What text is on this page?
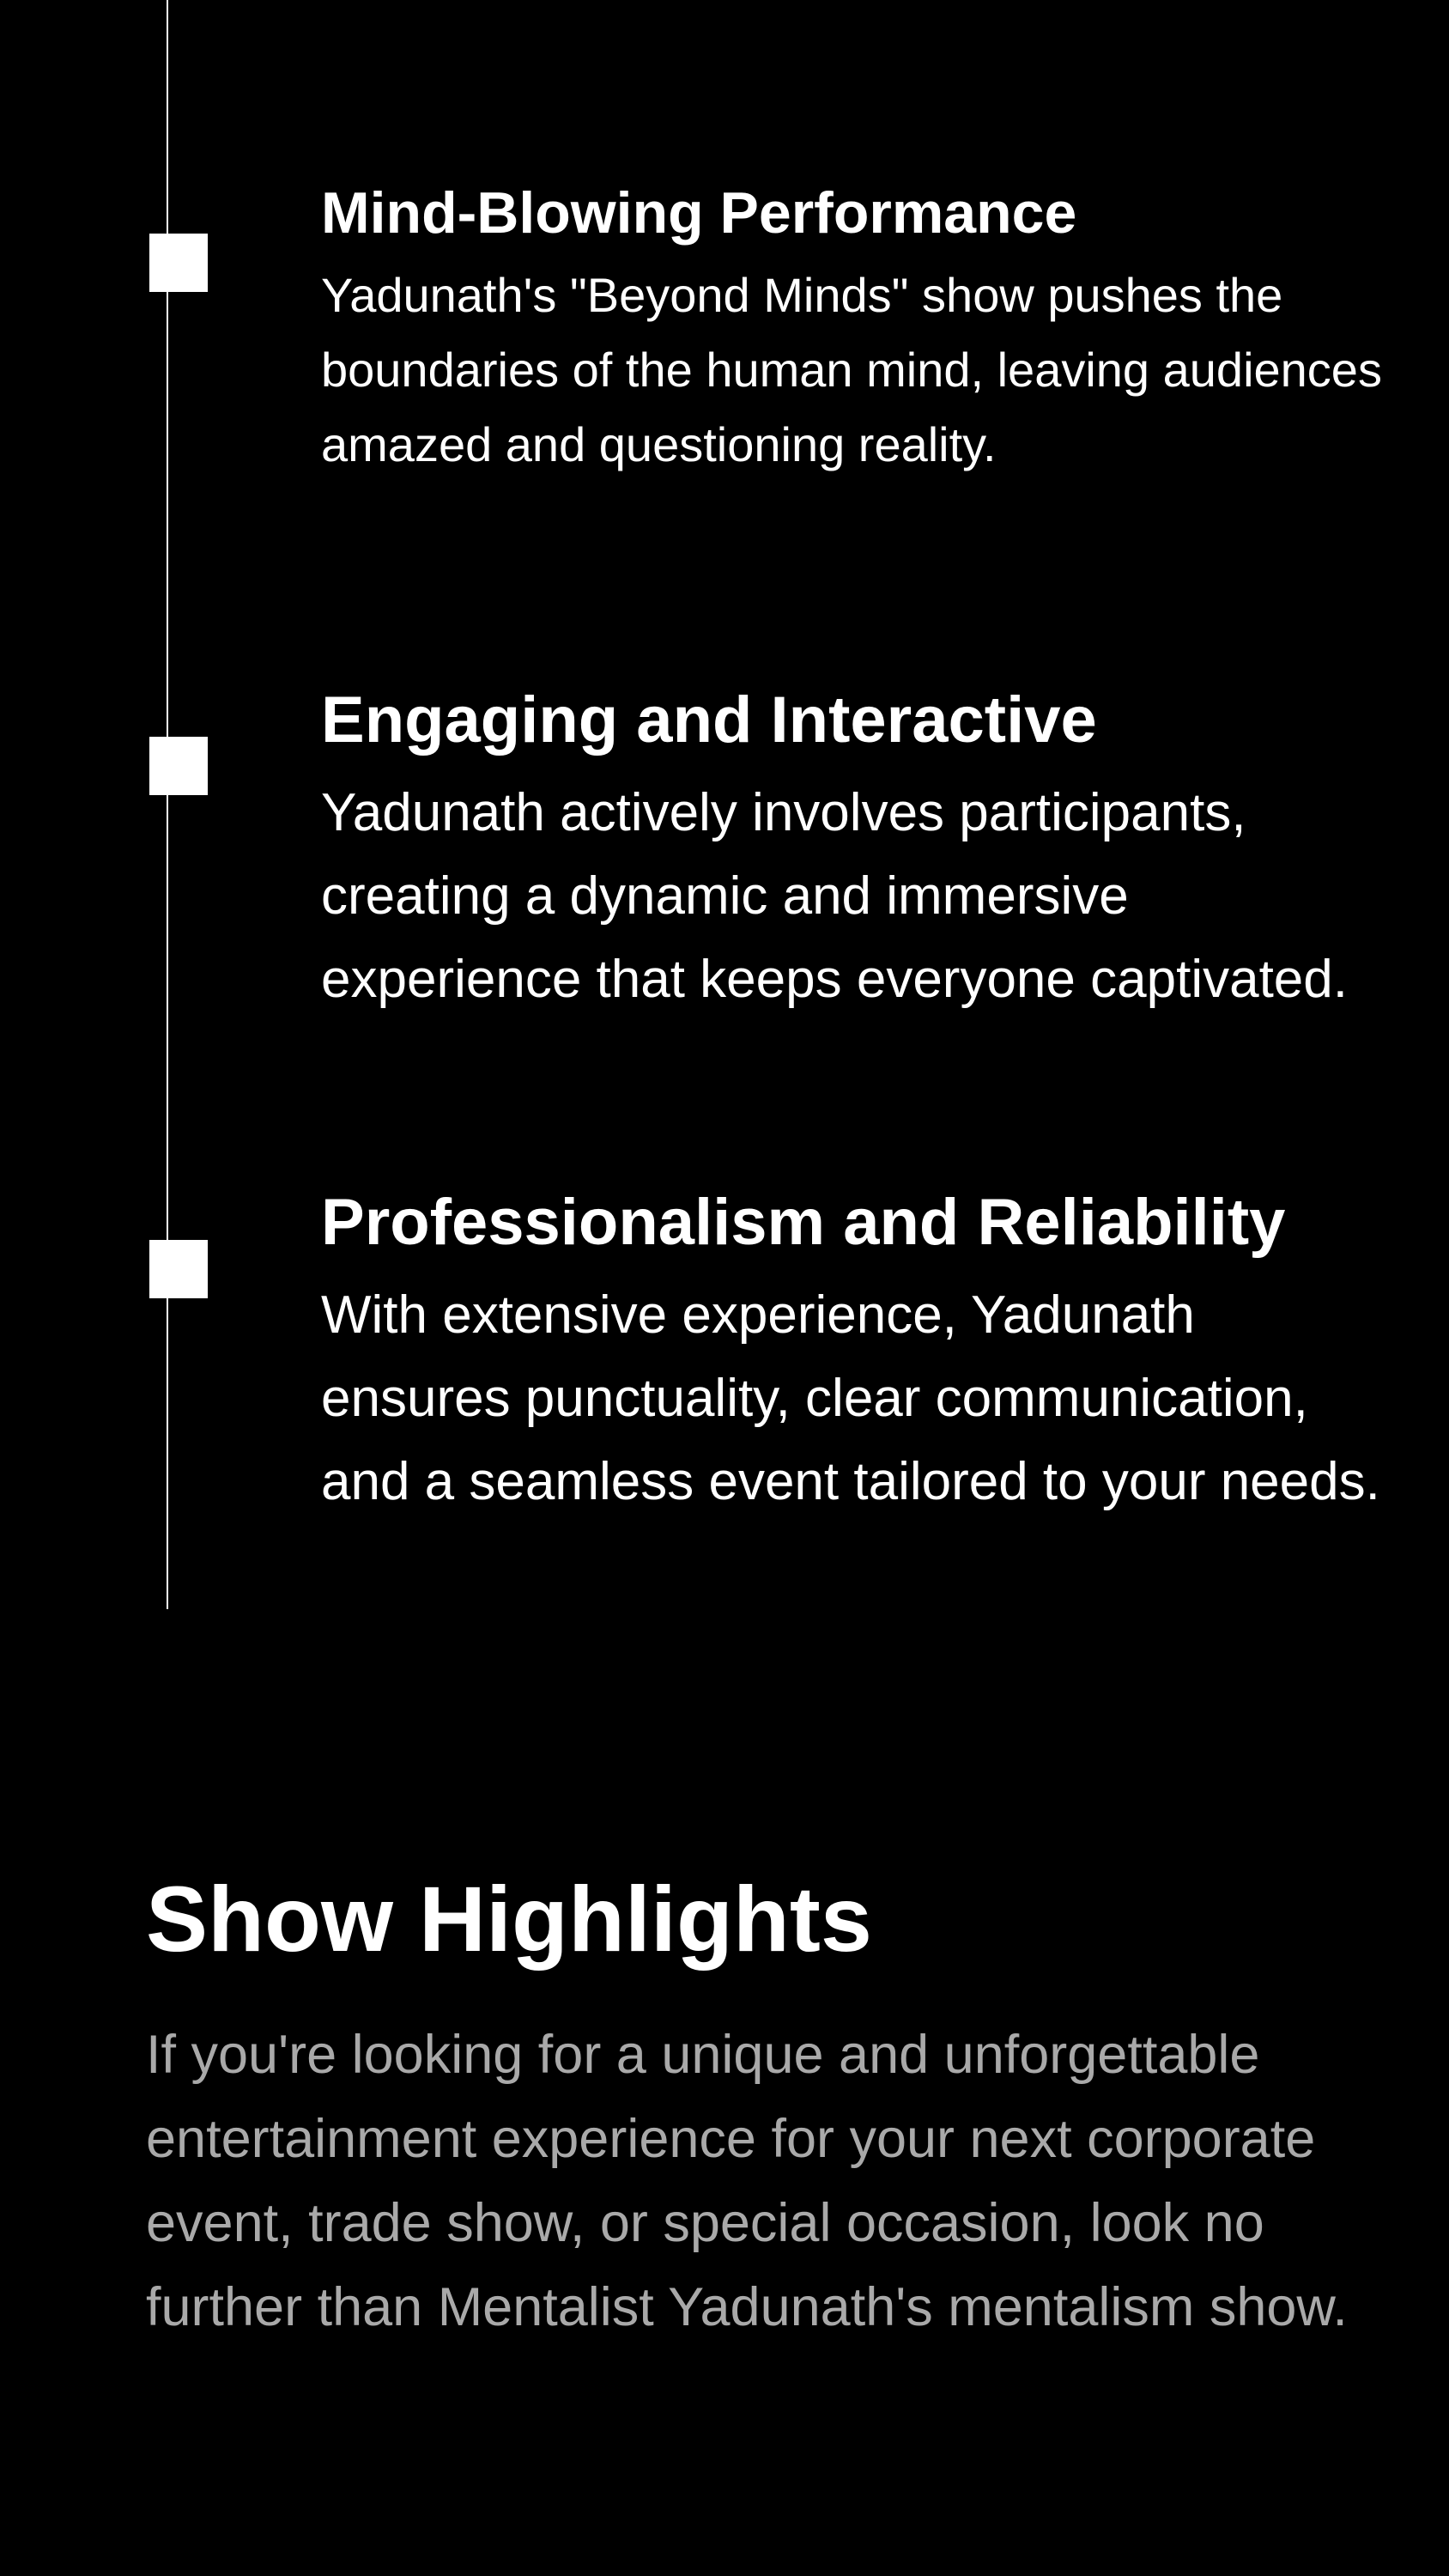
Mind-Blowing Performance

Yadunath's "Beyond Minds" show pushes the boundaries of the human mind, leaving audiences amazed and questioning reality.

Engaging and Interactive

Yadunath actively involves participants, creating a dynamic and immersive experience that keeps everyone captivated.

Professionalism and Reliability

With extensive experience, Yadunath ensures punctuality, clear communication, and a seamless event tailored to your needs.

Show Highlights

If you're looking for a unique and unforgettable entertainment experience for your next corporate event, trade show, or special occasion, look no further than Mentalist Yadunath's mentalism show.
